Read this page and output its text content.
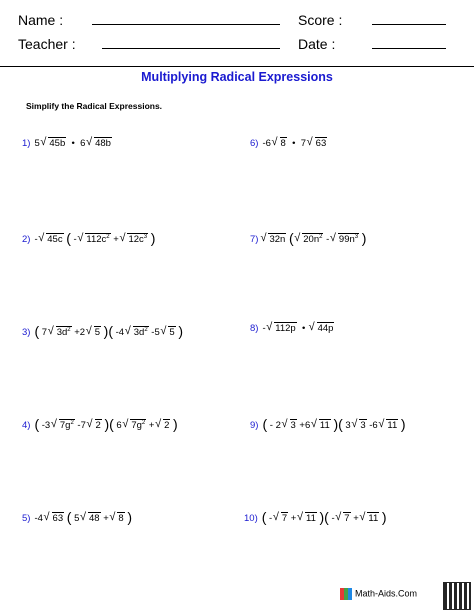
Name :
Teacher :
Score :
Date :
Multiplying Radical Expressions
Simplify the Radical Expressions.
1) 5 √ 45b  •  6 √ 48b
2) - √ 45c ( - √ $112c^2$ + √ $12c^3$ )
3) ( 7 √ $3d^2 +2$ √ 5 )( -4 √ $3d^2$ -5 √ 5 )
4) ( -3 √ $7g^2$ -7 √ 2 )( 6 √ $7g^2$ + √ 2 )
5) -4 √ 63 ( 5 √ 48 + √ 8 )
6) -6 √ 8  •  7 √ 63
7) √ 32n ( √ $20n^2$ - √ $99n^3$ )
8) - √ 112p  •  √ 44p
9) ( - 2 √ 3 +6 √ 11 )( 3 √ 3 -6 √ 11 )
10) ( - √ 7 + √ 11 )( - √ 7 + √ 11 )
Math-Aids.Com
